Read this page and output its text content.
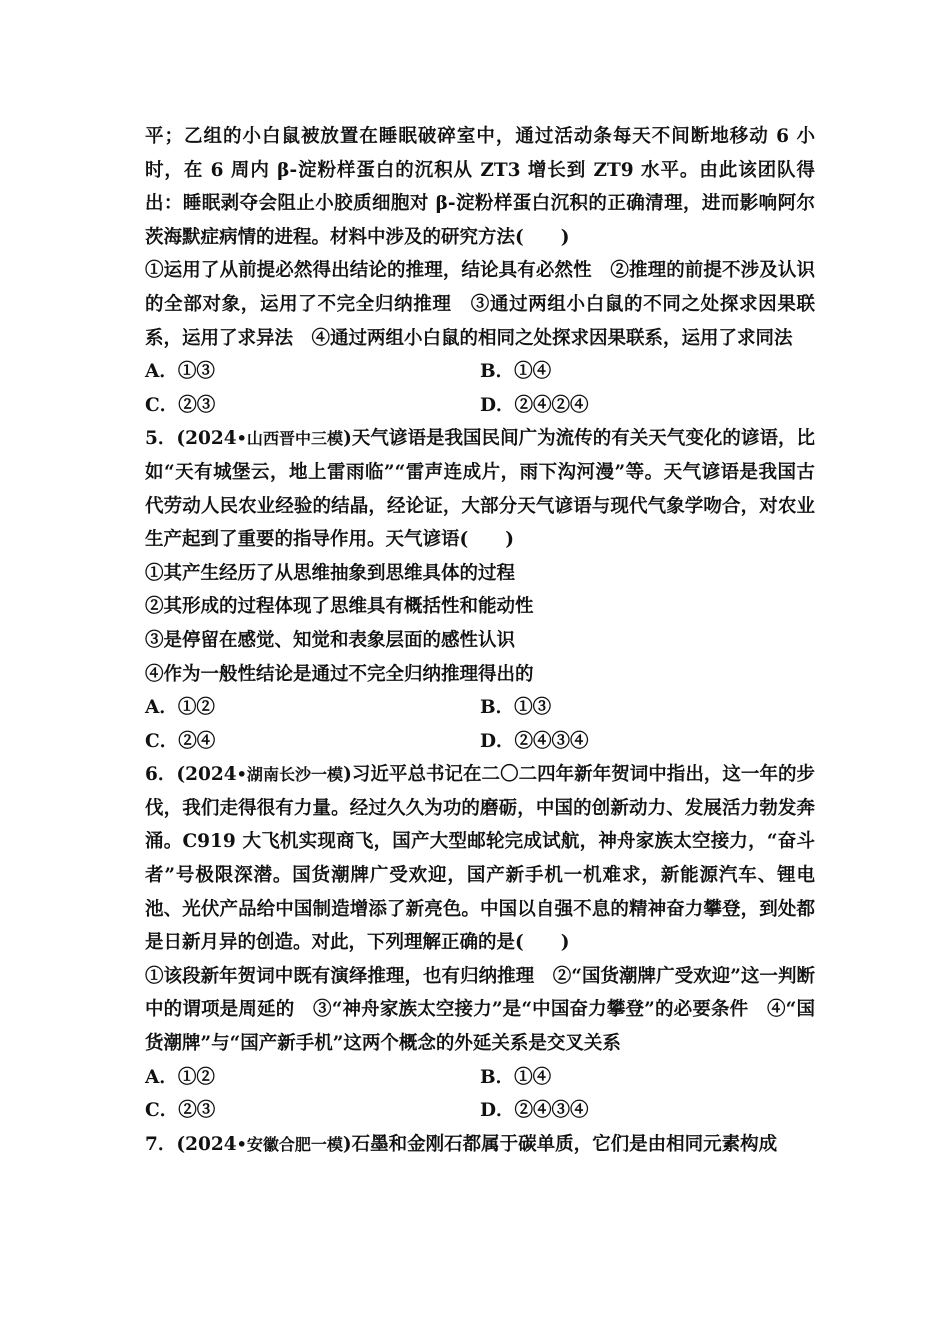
平；乙组的小白鼠被放置在睡眠破碎室中，通过活动条每天不间断地移动 6 小时，在 6 周内 β-淀粉样蛋白的沉积从 ZT3 增长到 ZT9 水平。由此该团队得出：睡眠剥夺会阻止小胶质细胞对 β-淀粉样蛋白沉积的正确清理，进而影响阿尔茨海默症病情的进程。材料中涉及的研究方法(　　)

①运用了从前提必然得出结论的推理，结论具有必然性　②推理的前提不涉及认识的全部对象，运用了不完全归纳推理　③通过两组小白鼠的不同之处探求因果联系，运用了求异法　④通过两组小白鼠的相同之处探求因果联系，运用了求同法

A．①③	B．①④
C．②③	D．②④②④

5．(2024•山西晋中三模)天气谚语是我国民间广为流传的有关天气变化的谚语，比如“天有城堡云，地上雷雨临”“雷声连成片，雨下沟河漫”等。天气谚语是我国古代劳动人民农业经验的结晶，经论证，大部分天气谚语与现代气象学吻合，对农业生产起到了重要的指导作用。天气谚语(　　)

①其产生经历了从思维抽象到思维具体的过程

②其形成的过程体现了思维具有概括性和能动性

③是停留在感觉、知觉和表象层面的感性认识

④作为一般性结论是通过不完全归纳推理得出的

A．①②	B．①③
C．②④	D．②④③④

6．(2024•湖南长沙一模)习近平总书记在二〇二四年新年贺词中指出，这一年的步伐，我们走得很有力量。经过久久为功的磨砺，中国的创新动力、发展活力勃发奔涌。C919 大飞机实现商飞，国产大型邮轮完成试航，神舟家族太空接力，“奋斗者”号极限深潜。国货潮牌广受欢迎，国产新手机一机难求，新能源汽车、锂电池、光伏产品给中国制造增添了新亮色。中国以自强不息的精神奋力攀登，到处都是日新月异的创造。对此，下列理解正确的是(　　)

①该段新年贺词中既有演绎推理，也有归纳推理　②“国货潮牌广受欢迎”这一判断中的谓项是周延的　③“神舟家族太空接力”是“中国奋力攀登”的必要条件　④“国货潮牌”与“国产新手机”这两个概念的外延关系是交叉关系

A．①②	B．①④
C．②③	D．②④③④

7．(2024•安徽合肥一模)石墨和金刚石都属于碳单质，它们是由相同元素构成
